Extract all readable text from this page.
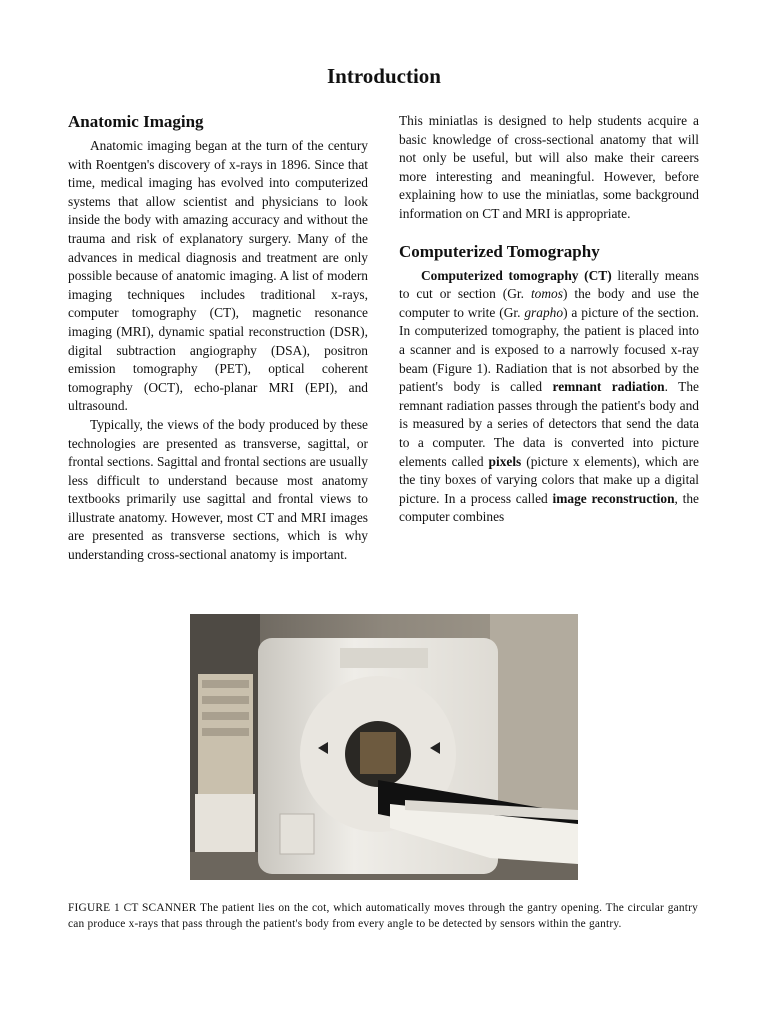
Introduction
Anatomic Imaging

Anatomic imaging began at the turn of the century with Roentgen's discovery of x-rays in 1896. Since that time, medical imaging has evolved into computerized systems that allow scientist and physicians to look inside the body with amazing accuracy and without the trauma and risk of explanatory surgery. Many of the advances in medical diagnosis and treatment are only possible because of anatomic imaging. A list of modern imaging techniques includes traditional x-rays, computer tomography (CT), magnetic resonance imaging (MRI), dynamic spatial reconstruction (DSR), digital subtraction angiography (DSA), positron emission tomography (PET), optical coherent tomography (OCT), echo-planar MRI (EPI), and ultrasound.

Typically, the views of the body produced by these technologies are presented as transverse, sagittal, or frontal sections. Sagittal and frontal sections are usually less difficult to understand because most anatomy textbooks primarily use sagittal and frontal views to illustrate anatomy. However, most CT and MRI images are presented as transverse sections, which is why understanding cross-sectional anatomy is important.

This miniatlas is designed to help students acquire a basic knowledge of cross-sectional anatomy that will not only be useful, but will also make their careers more interesting and meaningful. However, before explaining how to use the miniatlas, some background information on CT and MRI is appropriate.

Computerized Tomography

Computerized tomography (CT) literally means to cut or section (Gr. tomos) the body and use the computer to write (Gr. grapho) a picture of the section. In computerized tomography, the patient is placed into a scanner and is exposed to a narrowly focused x-ray beam (Figure 1). Radiation that is not absorbed by the patient's body is called remnant radiation. The remnant radiation passes through the patient's body and is measured by a series of detectors that send the data to a computer. The data is converted into picture elements called pixels (picture x elements), which are the tiny boxes of varying colors that make up a digital picture. In a process called image reconstruction, the computer combines

FIGURE 1 CT SCANNER The patient lies on the cot, which automatically moves through the gantry opening. The circular gantry can produce x-rays that pass through the patient's body from every angle to be detected by sensors within the gantry.
